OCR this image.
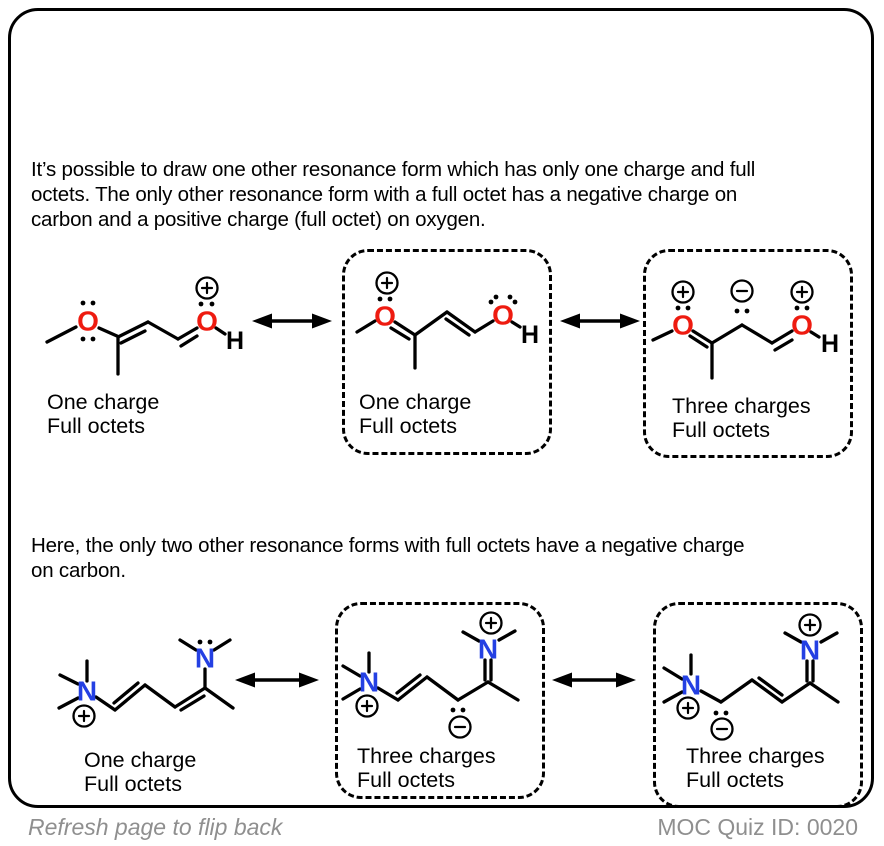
It’s possible to draw one other resonance form which has only one charge and full
octets. The only other resonance form with a full octet has a negative charge on
carbon and a positive charge (full octet) on oxygen.
Here, the only two other resonance forms with full octets have a negative charge
on carbon.
O	O
H
O	O
H	O	O
H
N
N
N
N
N
N
One charge
Full octets
One charge
Full octets
Three charges
Full octets
One charge
Full octets
Three charges
Full octets
Three charges
Full octets
Refresh page to flip back	MOC Quiz ID: 0020
